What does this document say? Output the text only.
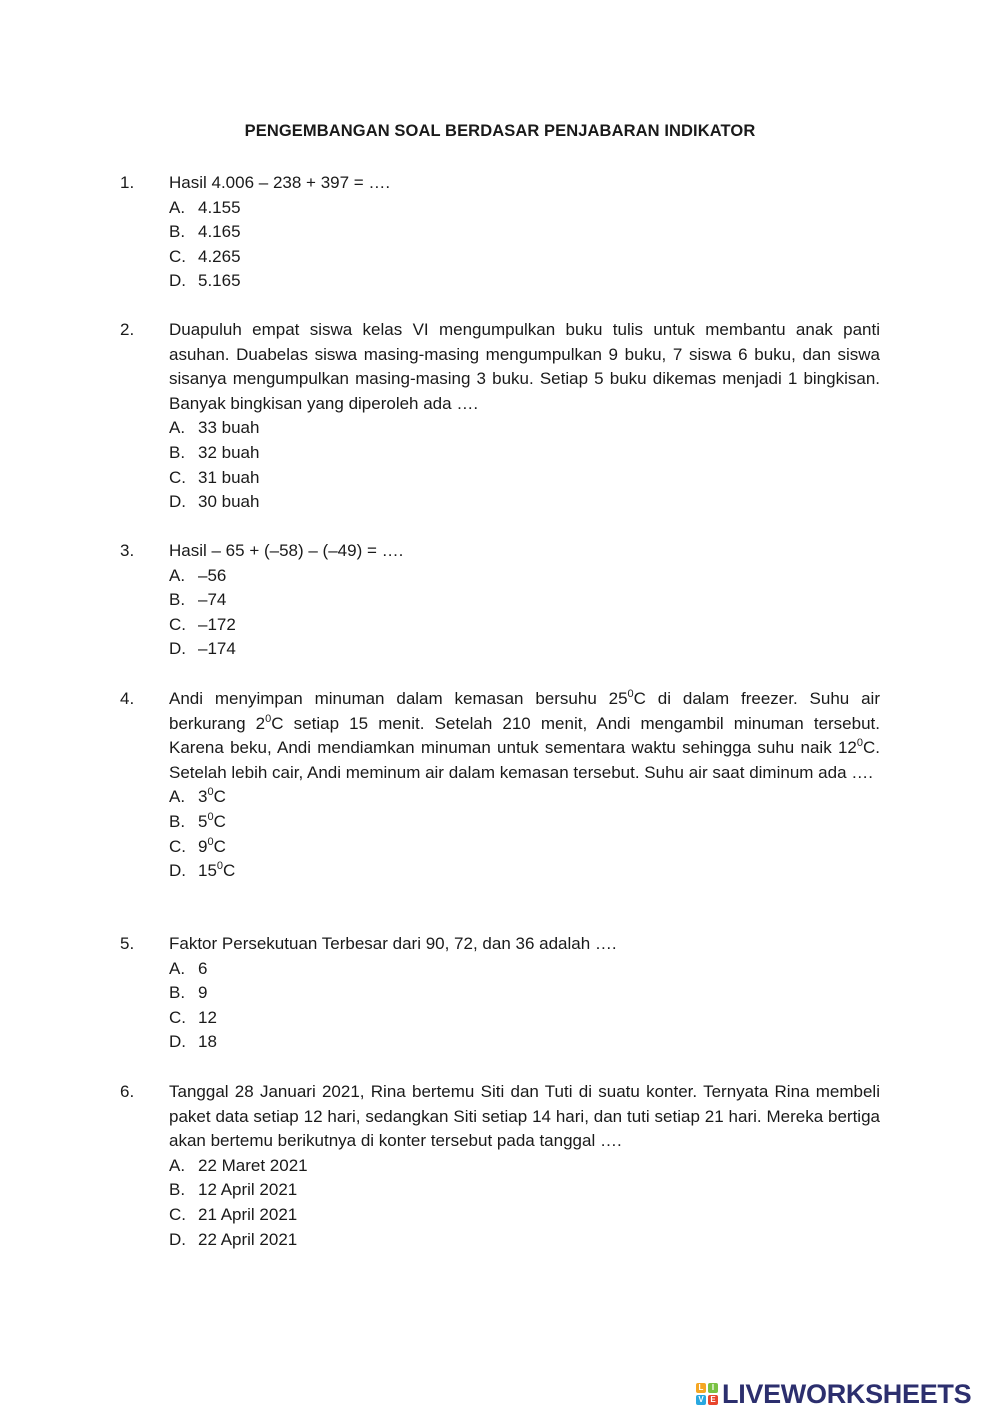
PENGEMBANGAN SOAL BERDASAR PENJABARAN INDIKATOR
1.	Hasil 4.006 – 238 + 397 = ….
A. 4.155
B. 4.165
C. 4.265
D. 5.165
2.	Duapuluh empat siswa kelas VI mengumpulkan buku tulis untuk membantu anak panti asuhan. Duabelas siswa masing-masing mengumpulkan 9 buku, 7 siswa 6 buku, dan siswa sisanya mengumpulkan masing-masing 3 buku. Setiap 5 buku dikemas menjadi 1 bingkisan. Banyak bingkisan yang diperoleh ada ….
A. 33 buah
B. 32 buah
C. 31 buah
D. 30 buah
3.	Hasil – 65 + (–58) – (–49) = ….
A. –56
B. –74
C. –172
D. –174
4.	Andi menyimpan minuman dalam kemasan bersuhu $25^0C$ di dalam freezer. Suhu air berkurang $2^0C$ setiap 15 menit. Setelah 210 menit, Andi mengambil minuman tersebut. Karena beku, Andi mendiamkan minuman untuk sementara waktu sehingga suhu naik $12^0C$. Setelah lebih cair, Andi meminum air dalam kemasan tersebut. Suhu air saat diminum ada ….
A. $3^0C$
B. $5^0C$
C. $9^0C$
D. $15^0C$
5.	Faktor Persekutuan Terbesar dari 90, 72, dan 36 adalah ….
A. 6
B. 9
C. 12
D. 18
6.	Tanggal 28 Januari 2021, Rina bertemu Siti dan Tuti di suatu konter. Ternyata Rina membeli paket data setiap 12 hari, sedangkan Siti setiap 14 hari, dan tuti setiap 21 hari. Mereka bertiga akan bertemu berikutnya di konter tersebut pada tanggal ….
A. 22 Maret 2021
B. 12 April 2021
C. 21 April 2021
D. 22 April 2021
L	I
V E LIVEWORKSHEETS
